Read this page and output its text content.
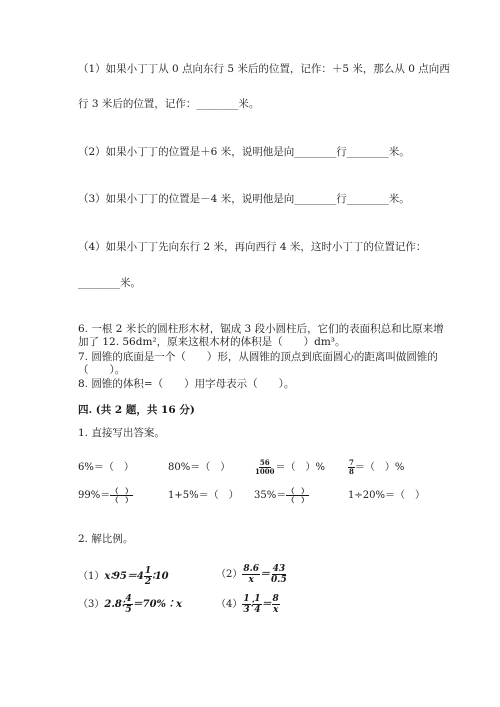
（1）如果小丁丁从 0 点向东行 5 米后的位置，记作：＋5 米，那么从 0 点向西
行 3 米后的位置，记作：________米。
（2）如果小丁丁的位置是＋6 米，说明他是向________行________米。
（3）如果小丁丁的位置是－4 米，说明他是向________行________米。
（4）如果小丁丁先向东行 2 米，再向西行 4 米，这时小丁丁的位置记作：
________米。
6. 一根 2 米长的圆柱形木材，锯成 3 段小圆柱后，它们的表面积总和比原来增
加了 12. 56dm²，原来这根木材的体积是（　　）dm³。
7. 圆锥的底面是一个（　　）形，从圆锥的顶点到底面圆心的距离叫做圆锥的
（　　）。
8. 圆锥的体积=（　　）用字母表示（　　）。
四. (共 2 题，共 16 分)
1. 直接写出答案。
6%＝（　）	80%＝（　）	$\frac{56}{1000}$ ＝（　）%	$\frac{7}{8}$ ＝（　）%
$99\%= \frac{( )}{( )}$	1+5%＝（　） $35\%= \frac{( )}{( )}$	1÷20%＝（　）
2. 解比例。
（1）x∶95＝4 $\frac{1}{2}$ ∶10	$(2) \frac{8.6}{x} = \frac{43}{0.5}$
（3）2.8∶ $\frac{4}{5}$ ＝70%∶x	$(4) \frac{1}{3}$ ∶ $\frac{1}{4} = \frac{8}{x}$
